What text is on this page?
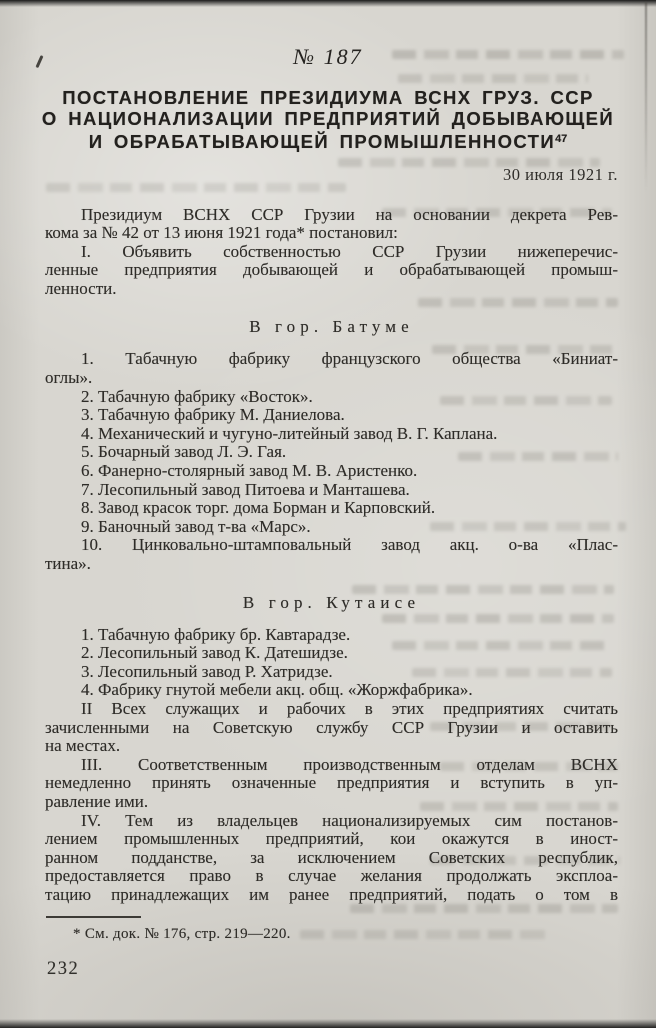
№ 187
ПОСТАНОВЛЕНИЕ ПРЕЗИДИУМА ВСНХ ГРУЗ. ССР
О НАЦИОНАЛИЗАЦИИ ПРЕДПРИЯТИЙ ДОБЫВАЮЩЕЙ
И ОБРАБАТЫВАЮЩЕЙ ПРОМЫШЛЕННОСТИ$^{47}$
30 июля 1921 г.
Президиум ВСНХ ССР Грузии на основании декрета Рев-
кома за № 42 от 13 июня 1921 года* постановил:
I. Объявить собственностью ССР Грузии нижеперечис-
ленные предприятия добывающей и обрабатывающей промыш-
ленности.
В гор. Батуме
1. Табачную фабрику французского общества «Биниат-
оглы».
2. Табачную фабрику «Восток».
3. Табачную фабрику М. Даниелова.
4. Механический и чугуно-литейный завод В. Г. Каплана.
5. Бочарный завод Л. Э. Гая.
6. Фанерно-столярный завод М. В. Аристенко.
7. Лесопильный завод Питоева и Манташева.
8. Завод красок торг. дома Борман и Карповский.
9. Баночный завод т-ва «Марс».
10. Цинковально-штамповальный завод акц. о-ва «Плас-
тина».
В гор. Кутаисе
1. Табачную фабрику бр. Кавтарадзе.
2. Лесопильный завод К. Датешидзе.
3. Лесопильный завод Р. Хатридзе.
4. Фабрику гнутой мебели акц. общ. «Жоржфабрика».
II Всех служащих и рабочих в этих предприятиях считать
зачисленными на Советскую службу ССР Грузии и оставить
на местах.
III. Соответственным производственным отделам ВСНХ
немедленно принять означенные предприятия и вступить в уп-
равление ими.
IV. Тем из владельцев национализируемых сим постанов-
лением промышленных предприятий, кои окажутся в иност-
ранном подданстве, за исключением Советских республик,
предоставляется право в случае желания продолжать эксплоа-
тацию принадлежащих им ранее предприятий, подать о том в
* См. док. № 176, стр. 219—220.
232
